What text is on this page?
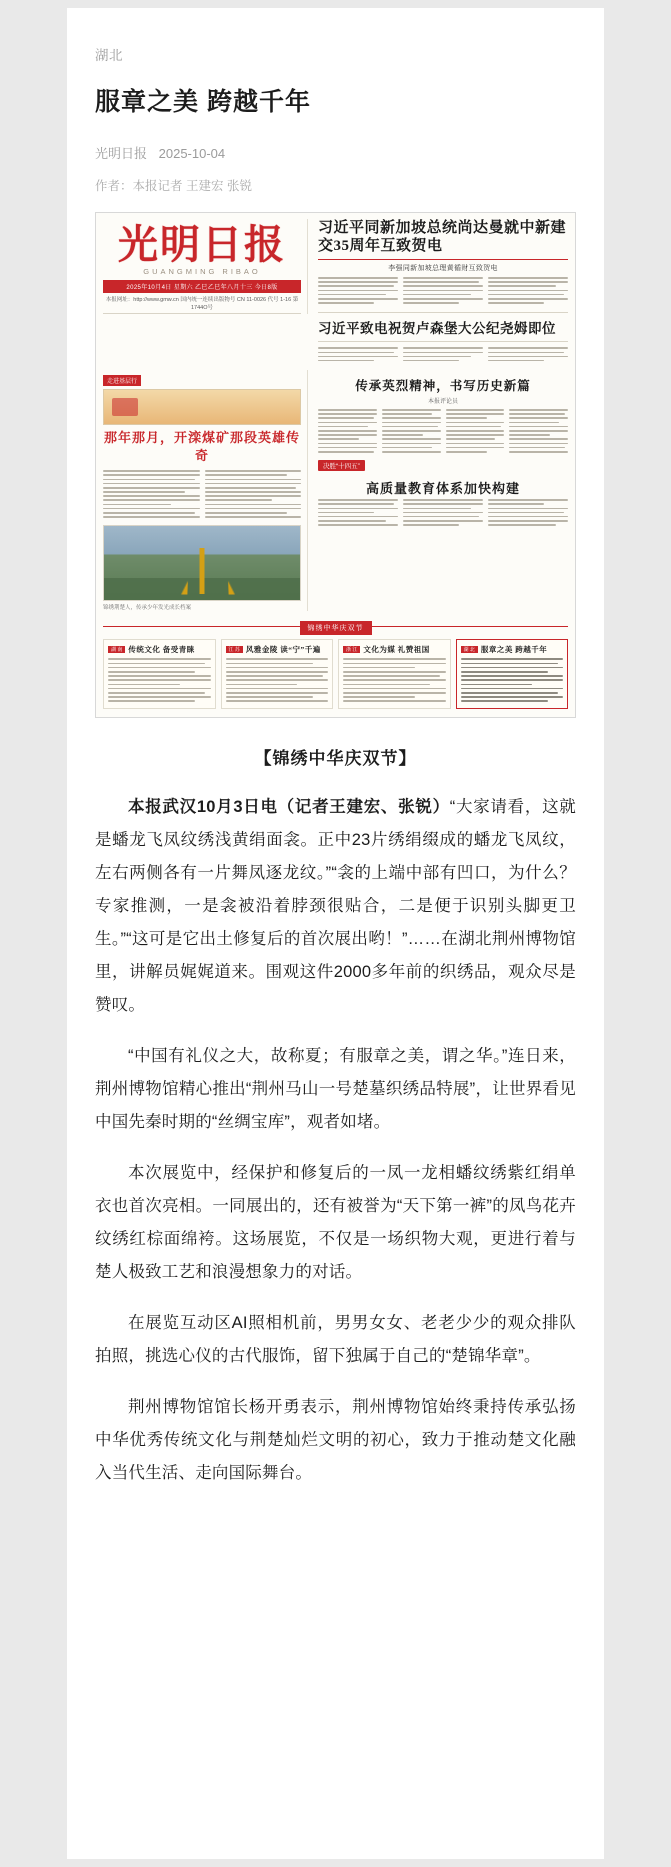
湖北
服章之美 跨越千年
光明日报 2025-10-04
作者：本报记者 王建宏 张锐
光明日报
GUANGMING RIBAO
2025年10月4日 星期六 乙巳乙巳年八月十三 今日8版
本报网址：http://www.gmw.cn 国内统一连续出版物号 CN 11-0026 代号 1-16 第1744O号
习近平同新加坡总统尚达曼就中新建交35周年互致贺电
李强同新加坡总理黄循财互致贺电
习近平致电祝贺卢森堡大公纪尧姆即位
走进基层行
那年那月，开滦煤矿那段英雄传奇
锦绣荆楚人，传承少年发光成长档案
传承英烈精神，书写历史新篇
本报评论员
决胜“十四五”
高质量教育体系加快构建
锦绣中华庆双节
湖 南 传统文化 备受青睐	江 苏 风雅金陵 读“宁”千遍	浙 江 文化为媒 礼赞祖国	湖 北 服章之美 跨越千年
【锦绣中华庆双节】

本报武汉10月3日电（记者王建宏、张锐）“大家请看，这就是蟠龙飞凤纹绣浅黄绢面衾。正中23片绣绢缀成的蟠龙飞凤纹，左右两侧各有一片舞凤逐龙纹。”“衾的上端中部有凹口，为什么？专家推测，一是衾被沿着脖颈很贴合，二是便于识别头脚更卫生。”“这可是它出土修复后的首次展出哟！”……在湖北荆州博物馆里，讲解员娓娓道来。围观这件2000多年前的织绣品，观众尽是赞叹。

“中国有礼仪之大，故称夏；有服章之美，谓之华。”连日来，荆州博物馆精心推出“荆州马山一号楚墓织绣品特展”，让世界看见中国先秦时期的“丝绸宝库”，观者如堵。

本次展览中，经保护和修复后的一凤一龙相蟠纹绣紫红绢单衣也首次亮相。一同展出的，还有被誉为“天下第一裤”的凤鸟花卉纹绣红棕面绵袴。这场展览，不仅是一场织物大观，更进行着与楚人极致工艺和浪漫想象力的对话。

在展览互动区AI照相机前，男男女女、老老少少的观众排队拍照，挑选心仪的古代服饰，留下独属于自己的“楚锦华章”。

荆州博物馆馆长杨开勇表示，荆州博物馆始终秉持传承弘扬中华优秀传统文化与荆楚灿烂文明的初心，致力于推动楚文化融入当代生活、走向国际舞台。
